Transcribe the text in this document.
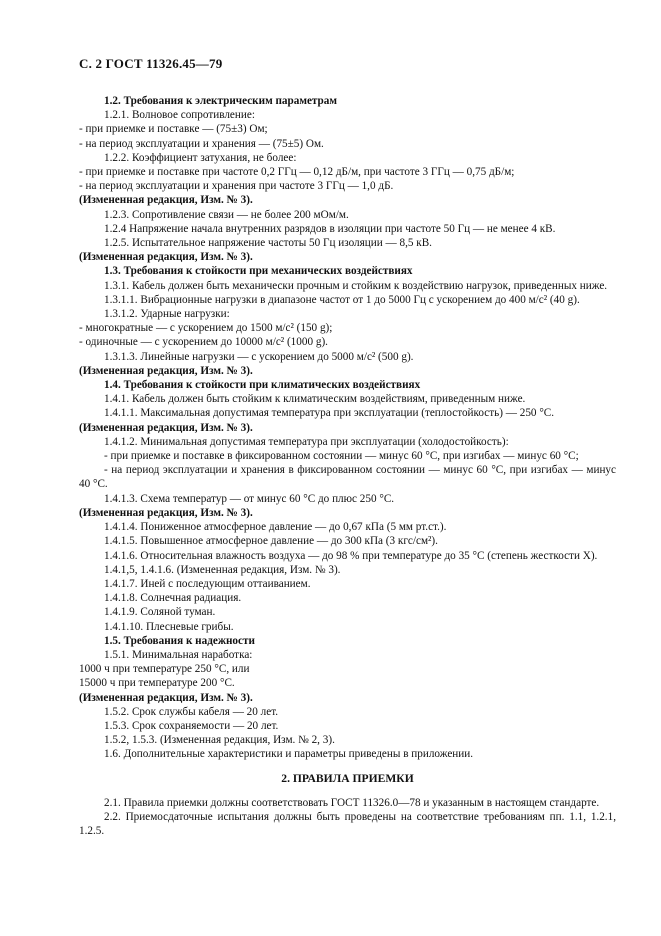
С. 2 ГОСТ 11326.45—79
1.2. Требования к электрическим параметрам
1.2.1. Волновое сопротивление:
- при приемке и поставке — (75±3) Ом;
- на период эксплуатации и хранения — (75±5) Ом.
1.2.2. Коэффициент затухания, не более:
- при приемке и поставке при частоте 0,2 ГГц — 0,12 дБ/м, при частоте 3 ГГц — 0,75 дБ/м;
- на период эксплуатации и хранения при частоте 3 ГГц — 1,0 дБ.
(Измененная редакция, Изм. № 3).
1.2.3. Сопротивление связи — не более 200 мОм/м.
1.2.4 Напряжение начала внутренних разрядов в изоляции при частоте 50 Гц — не менее 4 кВ.
1.2.5. Испытательное напряжение частоты 50 Гц изоляции — 8,5 кВ.
(Измененная редакция, Изм. № 3).
1.3. Требования к стойкости при механических воздействиях
1.3.1. Кабель должен быть механически прочным и стойким к воздействию нагрузок, приведенных ниже.
1.3.1.1. Вибрационные нагрузки в диапазоне частот от 1 до 5000 Гц с ускорением до 400 м/с² (40 g).
1.3.1.2. Ударные нагрузки:
- многократные — с ускорением до 1500 м/с² (150 g);
- одиночные — с ускорением до 10000 м/с² (1000 g).
1.3.1.3. Линейные нагрузки — с ускорением до 5000 м/с² (500 g).
(Измененная редакция, Изм. № 3).
1.4. Требования к стойкости при климатических воздействиях
1.4.1. Кабель должен быть стойким к климатическим воздействиям, приведенным ниже.
1.4.1.1. Максимальная допустимая температура при эксплуатации (теплостойкость) — 250 °С.
(Измененная редакция, Изм. № 3).
1.4.1.2. Минимальная допустимая температура при эксплуатации (холодостойкость):
- при приемке и поставке в фиксированном состоянии — минус 60 °С, при изгибах — минус 60 °С;
- на период эксплуатации и хранения в фиксированном состоянии — минус 60 °С, при изгибах — минус 40 °С.
1.4.1.3. Схема температур — от минус 60 °С до плюс 250 °С.
(Измененная редакция, Изм. № 3).
1.4.1.4. Пониженное атмосферное давление — до 0,67 кПа (5 мм рт.ст.).
1.4.1.5. Повышенное атмосферное давление — до 300 кПа (3 кгс/см²).
1.4.1.6. Относительная влажность воздуха — до 98 % при температуре до 35 °С (степень жесткости X).
1.4.1,5, 1.4.1.6. (Измененная редакция, Изм. № 3).
1.4.1.7. Иней с последующим оттаиванием.
1.4.1.8. Солнечная радиация.
1.4.1.9. Соляной туман.
1.4.1.10. Плесневые грибы.
1.5. Требования к надежности
1.5.1. Минимальная наработка:
1000 ч при температуре 250 °С, или
15000 ч при температуре 200 °С.
(Измененная редакция, Изм. № 3).
1.5.2. Срок службы кабеля — 20 лет.
1.5.3. Срок сохраняемости — 20 лет.
1.5.2, 1.5.3. (Измененная редакция, Изм. № 2, 3).
1.6. Дополнительные характеристики и параметры приведены в приложении.
2. ПРАВИЛА ПРИЕМКИ
2.1. Правила приемки должны соответствовать ГОСТ 11326.0—78 и указанным в настоящем стандарте.
2.2. Приемосдаточные испытания должны быть проведены на соответствие требованиям пп. 1.1, 1.2.1, 1.2.5.
